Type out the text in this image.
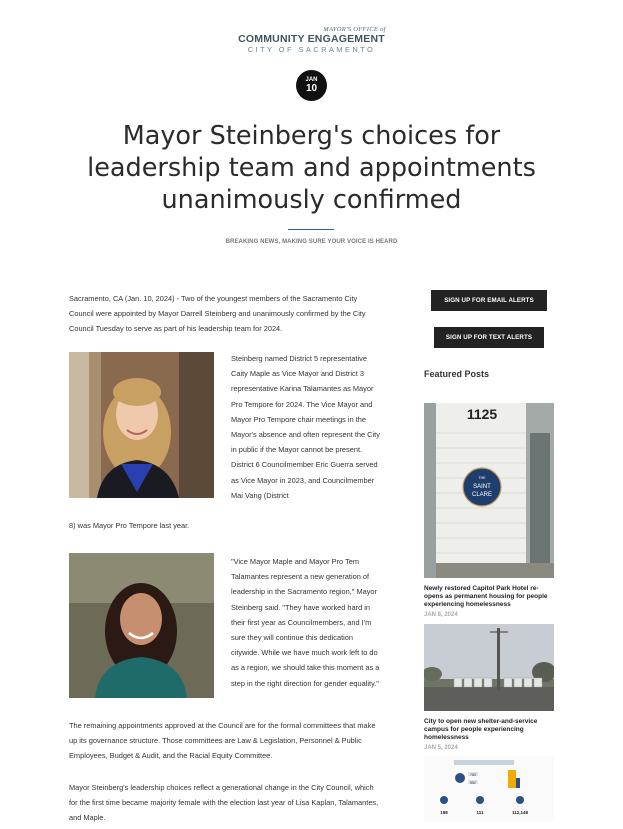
MAYOR'S OFFICE of
COMMUNITY ENGAGEMENT
CITY OF SACRAMENTO
JAN
10
Mayor Steinberg's choices for leadership team and appointments unanimously confirmed
BREAKING NEWS, MAKING SURE YOUR VOICE IS HEARD

Sacramento, CA (Jan. 10, 2024) - Two of the youngest members of the Sacramento City Council were appointed by Mayor Darrell Steinberg and unanimously confirmed by the City Council Tuesday to serve as part of his leadership team for 2024.

Steinberg named District 5 representative Caity Maple as Vice Mayor and District 3 representative Karina Talamantes as Mayor Pro Tempore for 2024. The Vice Mayor and Mayor Pro Tempore chair meetings in the Mayor's absence and often represent the City in public if the Mayor cannot be present. District 6 Councilmember Eric Guerra served as Vice Mayor in 2023, and Councilmember Mai Vang (District

8) was Mayor Pro Tempore last year.

"Vice Mayor Maple and Mayor Pro Tem Talamantes represent a new generation of leadership in the Sacramento region," Mayor Steinberg said. "They have worked hard in their first year as Councilmembers, and I'm sure they will continue this dedication citywide. While we have much work left to do as a region, we should take this moment as a step in the right direction for gender equality."

The remaining appointments approved at the Council are for the formal committees that make up its governance structure. Those committees are Law & Legislation, Personnel & Public Employees, Budget & Audit, and the Racial Equity Committee.

Mayor Steinberg's leadership choices reflect a generational change in the City Council, which for the first time became majority female with the election last year of Lisa Kaplan, Talamantes, and Maple.

SIGN UP FOR EMAIL ALERTS
SIGN UP FOR TEXT ALERTS
Featured Posts
1125
THE
SAINT
CLARE
Newly restored Capitol Park Hotel re-opens as permanent housing for people experiencing homelessness
JAN 8, 2024
City to open new shelter-and-service campus for people experiencing homelessness
JAN 5, 2024
783
552
198	111	112,148
